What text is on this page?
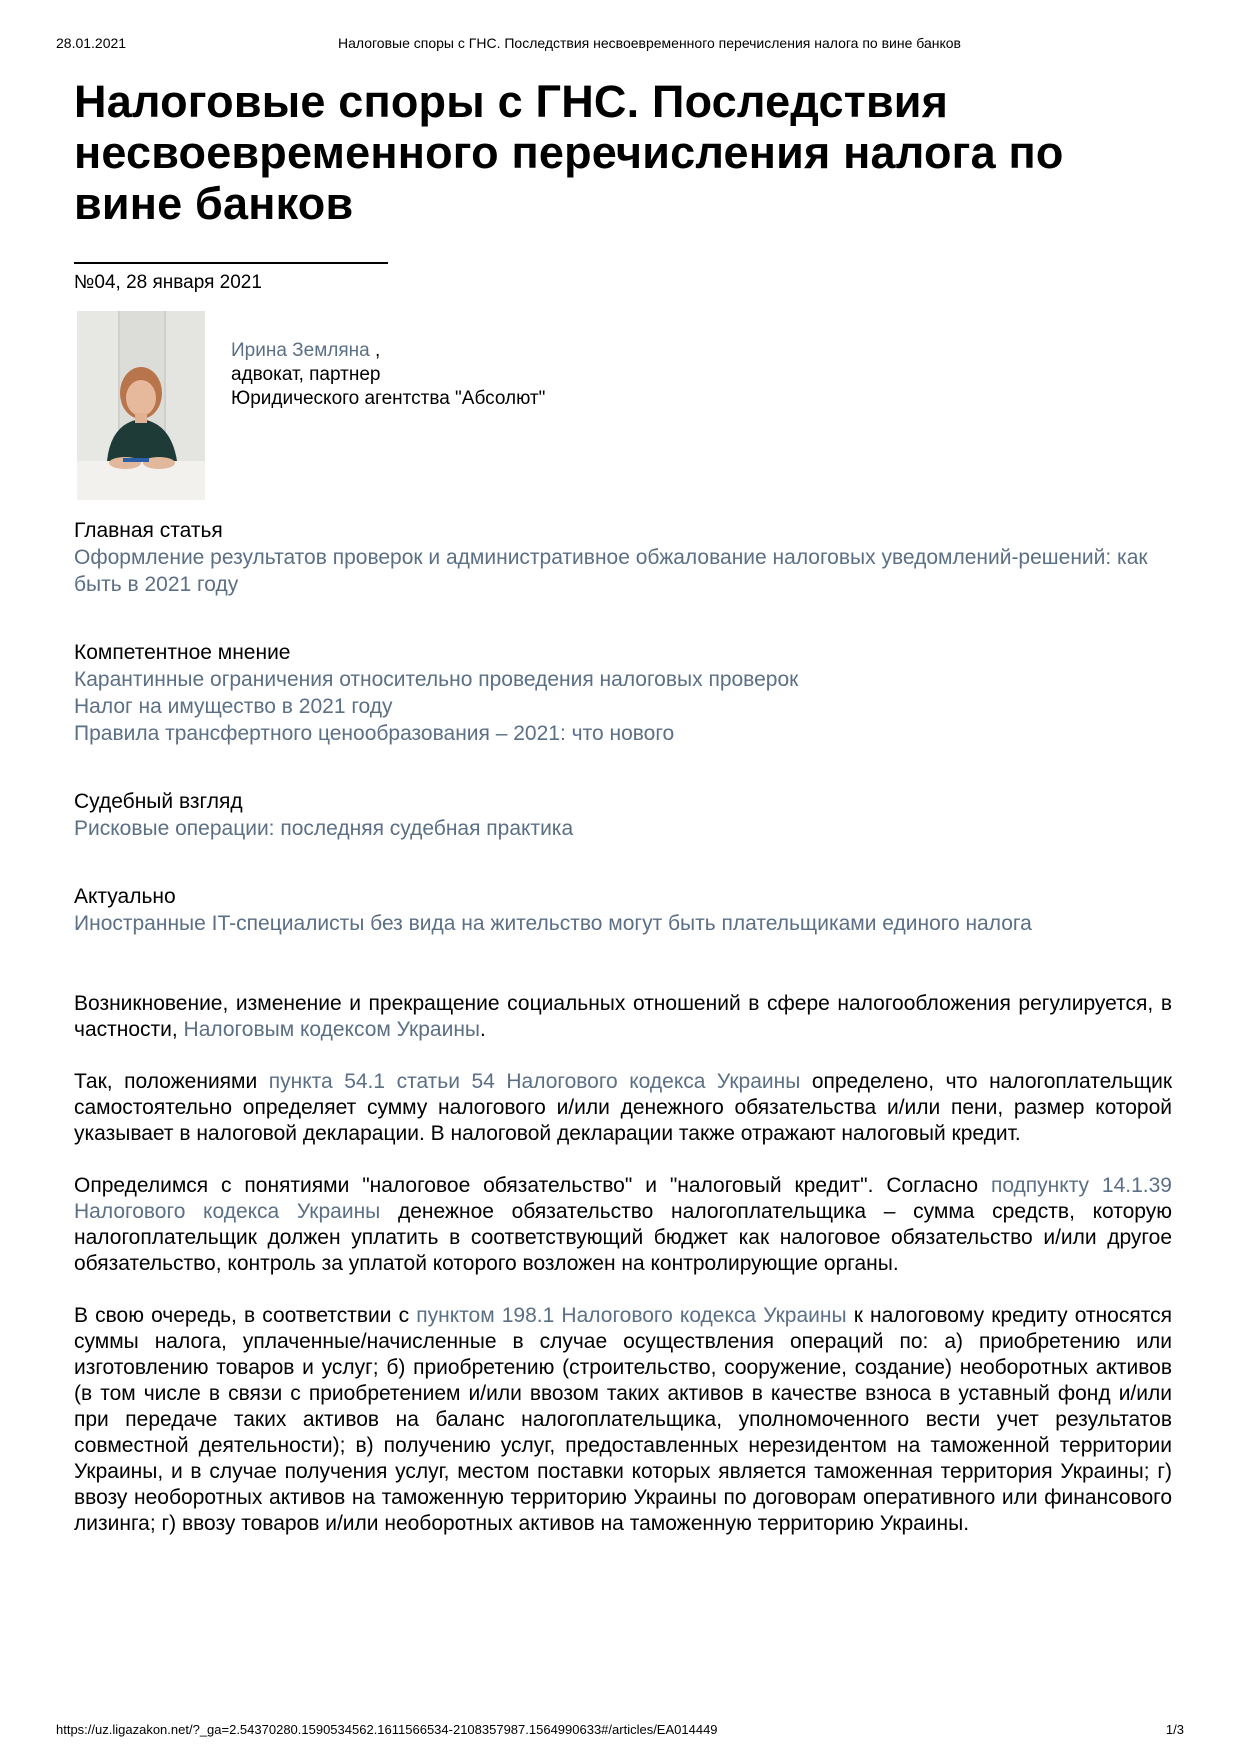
28.01.2021	Налоговые споры с ГНС. Последствия несвоевременного перечисления налога по вине банков
Налоговые споры с ГНС. Последствия несвоевременного перечисления налога по вине банков
№04, 28 января 2021
Ирина Земляна ,
адвокат, партнер
Юридического агентства "Абсолют"
Главная статья
Оформление результатов проверок и административное обжалование налоговых уведомлений-решений: как быть в 2021 году
Компетентное мнение
Карантинные ограничения относительно проведения налоговых проверок
Налог на имущество в 2021 году
Правила трансфертного ценообразования – 2021: что нового
Судебный взгляд
Рисковые операции: последняя судебная практика
Актуально
Иностранные IT-специалисты без вида на жительство могут быть плательщиками единого налога

Возникновение, изменение и прекращение социальных отношений в сфере налогообложения регулируется, в частности, Налоговым кодексом Украины.

Так, положениями пункта 54.1 статьи 54 Налогового кодекса Украины определено, что налогоплательщик самостоятельно определяет сумму налогового и/или денежного обязательства и/или пени, размер которой указывает в налоговой декларации. В налоговой декларации также отражают налоговый кредит.

Определимся с понятиями "налоговое обязательство" и "налоговый кредит". Согласно подпункту 14.1.39 Налогового кодекса Украины денежное обязательство налогоплательщика – сумма средств, которую налогоплательщик должен уплатить в соответствующий бюджет как налоговое обязательство и/или другое обязательство, контроль за уплатой которого возложен на контролирующие органы.

В свою очередь, в соответствии с пунктом 198.1 Налогового кодекса Украины к налоговому кредиту относятся суммы налога, уплаченные/начисленные в случае осуществления операций по: а) приобретению или изготовлению товаров и услуг; б) приобретению (строительство, сооружение, создание) необоротных активов (в том числе в связи с приобретением и/или ввозом таких активов в качестве взноса в уставный фонд и/или при передаче таких активов на баланс налогоплательщика, уполномоченного вести учет результатов совместной деятельности); в) получению услуг, предоставленных нерезидентом на таможенной территории Украины, и в случае получения услуг, местом поставки которых является таможенная территория Украины; г) ввозу необоротных активов на таможенную территорию Украины по договорам оперативного или финансового лизинга; г) ввозу товаров и/или необоротных активов на таможенную территорию Украины.

https://uz.ligazakon.net/?_ga=2.54370280.1590534562.1611566534-2108357987.1564990633#/articles/EA014449	1/3
